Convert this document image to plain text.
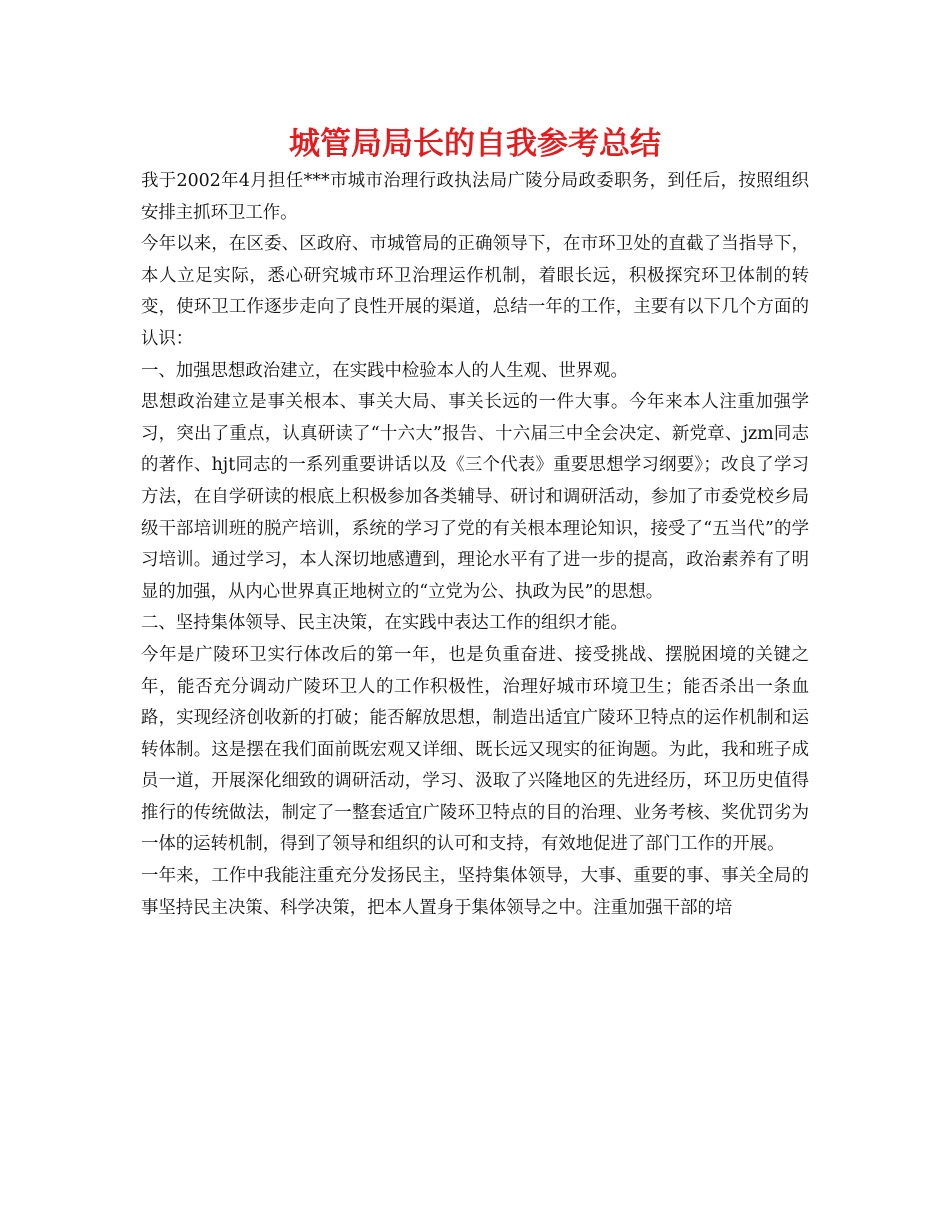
城管局局长的自我参考总结

我于2002年4月担任***市城市治理行政执法局广陵分局政委职务，到任后，按照组织安排主抓环卫工作。

今年以来，在区委、区政府、市城管局的正确领导下，在市环卫处的直截了当指导下，本人立足实际，悉心研究城市环卫治理运作机制，着眼长远，积极探究环卫体制的转变，使环卫工作逐步走向了良性开展的渠道，总结一年的工作，主要有以下几个方面的认识：

一、加强思想政治建立，在实践中检验本人的人生观、世界观。

思想政治建立是事关根本、事关大局、事关长远的一件大事。今年来本人注重加强学习，突出了重点，认真研读了“十六大”报告、十六届三中全会决定、新党章、jzm同志的著作、hjt同志的一系列重要讲话以及《三个代表》重要思想学习纲要》；改良了学习方法，在自学研读的根底上积极参加各类辅导、研讨和调研活动，参加了市委党校乡局级干部培训班的脱产培训，系统的学习了党的有关根本理论知识，接受了“五当代”的学习培训。通过学习，本人深切地感遭到，理论水平有了进一步的提高，政治素养有了明显的加强，从内心世界真正地树立的“立党为公、执政为民”的思想。

二、坚持集体领导、民主决策，在实践中表达工作的组织才能。

今年是广陵环卫实行体改后的第一年，也是负重奋进、接受挑战、摆脱困境的关键之年，能否充分调动广陵环卫人的工作积极性，治理好城市环境卫生；能否杀出一条血路，实现经济创收新的打破；能否解放思想，制造出适宜广陵环卫特点的运作机制和运转体制。这是摆在我们面前既宏观又详细、既长远又现实的征询题。为此，我和班子成员一道，开展深化细致的调研活动，学习、汲取了兴隆地区的先进经历，环卫历史值得推行的传统做法，制定了一整套适宜广陵环卫特点的目的治理、业务考核、奖优罚劣为一体的运转机制，得到了领导和组织的认可和支持，有效地促进了部门工作的开展。

一年来，工作中我能注重充分发扬民主，坚持集体领导，大事、重要的事、事关全局的事坚持民主决策、科学决策，把本人置身于集体领导之中。注重加强干部的培
